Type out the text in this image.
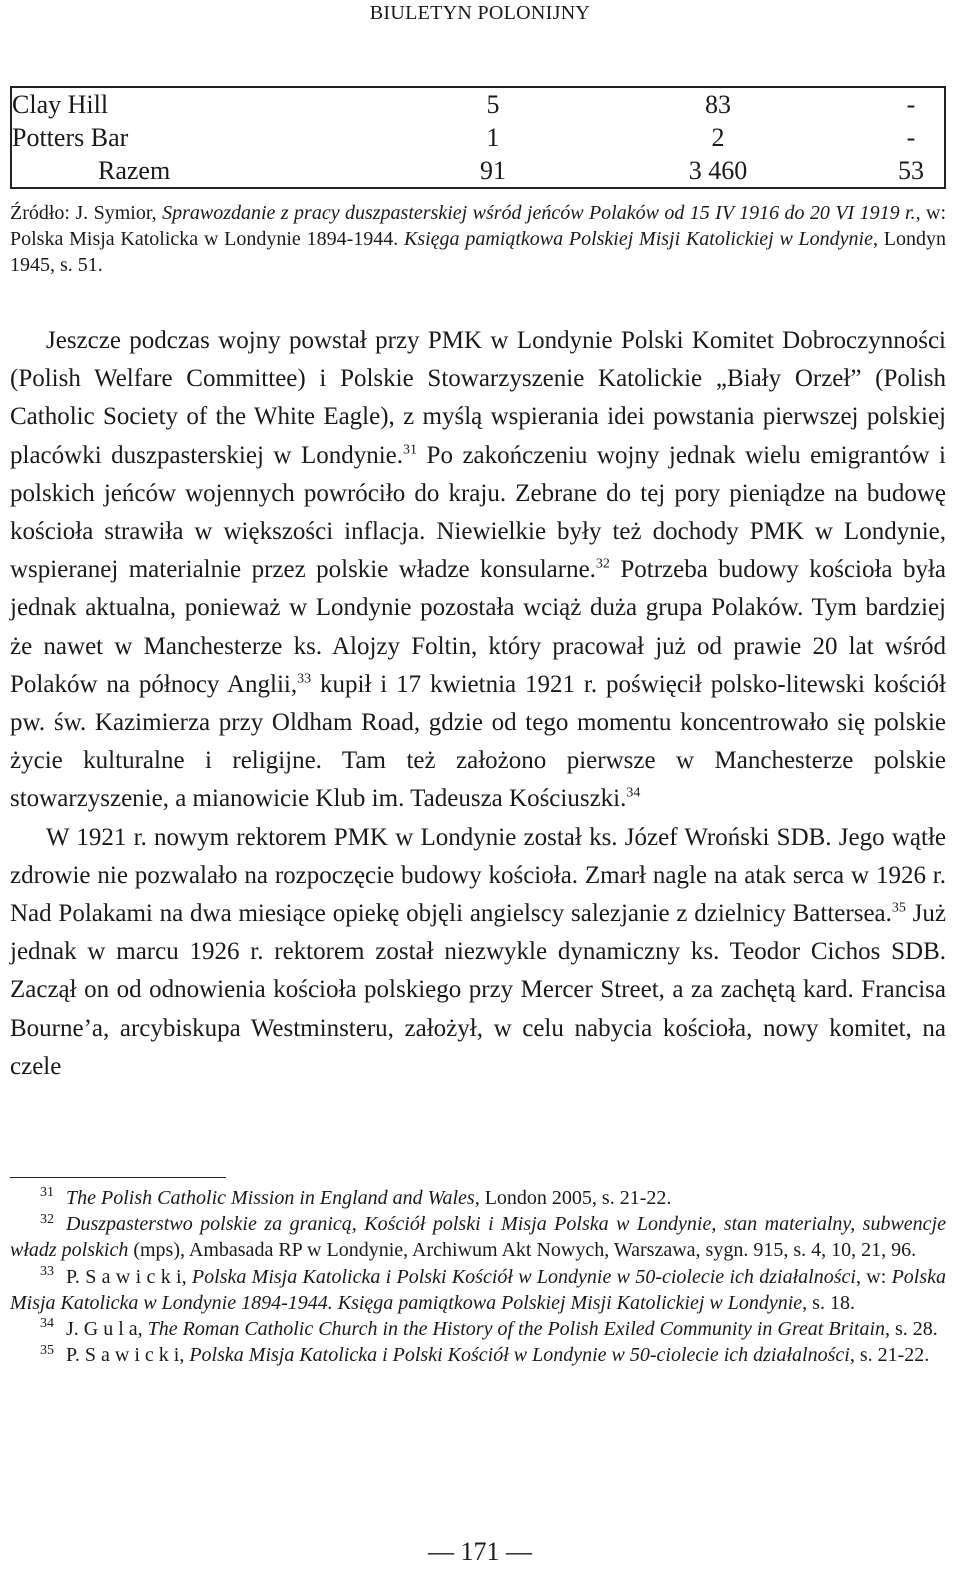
BIULETYN POLONIJNY
Clay Hill	5	83	-
Potters Bar	1	2	-
Razem	91	3 460	53
Źródło: J. Symior, Sprawozdanie z pracy duszpasterskiej wśród jeńców Polaków od 15 IV 1916 do 20 VI 1919 r., w: Polska Misja Katolicka w Londynie 1894-1944. Księga pamiątkowa Polskiej Misji Katolickiej w Londynie, Londyn 1945, s. 51.

Jeszcze podczas wojny powstał przy PMK w Londynie Polski Komitet Dobroczynności (Polish Welfare Committee) i Polskie Stowarzyszenie Katolickie „Biały Orzeł” (Polish Catholic Society of the White Eagle), z myślą wspierania idei powstania pierwszej polskiej placówki duszpasterskiej w Londynie.$^{31}$ Po zakończeniu wojny jednak wielu emigrantów i polskich jeńców wojennych powróciło do kraju. Zebrane do tej pory pieniądze na budowę kościoła strawiła w większości inflacja. Niewielkie były też dochody PMK w Londynie, wspieranej materialnie przez polskie władze konsularne.$^{32}$ Potrzeba budowy kościoła była jednak aktualna, ponieważ w Londynie pozostała wciąż duża grupa Polaków. Tym bardziej że nawet w Manchesterze ks. Alojzy Foltin, który pracował już od prawie 20 lat wśród Polaków na północy Anglii,$^{33}$ kupił i 17 kwietnia 1921 r. poświęcił polsko-litewski kościół pw. św. Kazimierza przy Oldham Road, gdzie od tego momentu koncentrowało się polskie życie kulturalne i religijne. Tam też założono pierwsze w Manchesterze polskie stowarzyszenie, a mianowicie Klub im. Tadeusza Kościuszki.$^{34}$

W 1921 r. nowym rektorem PMK w Londynie został ks. Józef Wroński SDB. Jego wątłe zdrowie nie pozwalało na rozpoczęcie budowy kościoła. Zmarł nagle na atak serca w 1926 r. Nad Polakami na dwa miesiące opiekę objęli angielscy salezjanie z dzielnicy Battersea.$^{35}$ Już jednak w marcu 1926 r. rektorem został niezwykle dynamiczny ks. Teodor Cichos SDB. Zaczął on od odnowienia kościoła polskiego przy Mercer Street, a za zachętą kard. Francisa Bourne’a, arcybiskupa Westminsteru, założył, w celu nabycia kościoła, nowy komitet, na czele

$^{31}$ The Polish Catholic Mission in England and Wales, London 2005, s. 21-22.

$^{32}$ Duszpasterstwo polskie za granicą, Kościół polski i Misja Polska w Londynie, stan materialny, subwencje władz polskich (mps), Ambasada RP w Londynie, Archiwum Akt Nowych, Warszawa, sygn. 915, s. 4, 10, 21, 96.

$^{33}$ P. S a w i c k i, Polska Misja Katolicka i Polski Kościół w Londynie w 50-ciolecie ich działalności, w: Polska Misja Katolicka w Londynie 1894-1944. Księga pamiątkowa Polskiej Misji Katolickiej w Londynie, s. 18.

$^{34}$ J. G u l a, The Roman Catholic Church in the History of the Polish Exiled Community in Great Britain, s. 28.

$^{35}$ P. S a w i c k i, Polska Misja Katolicka i Polski Kościół w Londynie w 50-ciolecie ich działalności, s. 21-22.

— 171 —
